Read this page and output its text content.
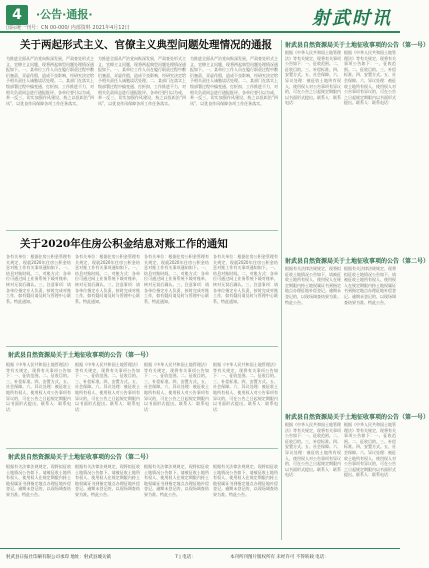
4	·公告·通报·
国际统一刊号：CN 00-000/ 内部资料 2021年4月12日	射武时讯
关于两起形式主义、官僚主义典型问题处理情况的通报
为推进全面从严治党向纵深发展，严肃查处形式主义、官僚主义问题，现将两起典型问题处理情况通报如下。一、某单位工作人员在履行职责过程中敷衍塞责、弄虚作假，造成不良影响，经研究决定给予相关责任人诫勉谈话处理。二、某部门在落实上级部署过程中搞变通、打折扣，工作推进不力，对相关负责同志进行通报批评。各单位要引以为戒，举一反三，切实加强作风建设，持之以恒纠治“四风”，以优良作风保障各项工作任务落实。
为推进全面从严治党向纵深发展，严肃查处形式主义、官僚主义问题，现将两起典型问题处理情况通报如下。一、某单位工作人员在履行职责过程中敷衍塞责、弄虚作假，造成不良影响，经研究决定给予相关责任人诫勉谈话处理。二、某部门在落实上级部署过程中搞变通、打折扣，工作推进不力，对相关负责同志进行通报批评。各单位要引以为戒，举一反三，切实加强作风建设，持之以恒纠治“四风”，以优良作风保障各项工作任务落实。
为推进全面从严治党向纵深发展，严肃查处形式主义、官僚主义问题，现将两起典型问题处理情况通报如下。一、某单位工作人员在履行职责过程中敷衍塞责、弄虚作假，造成不良影响，经研究决定给予相关责任人诫勉谈话处理。二、某部门在落实上级部署过程中搞变通、打折扣，工作推进不力，对相关负责同志进行通报批评。各单位要引以为戒，举一反三，切实加强作风建设，持之以恒纠治“四风”，以优良作风保障各项工作任务落实。
射武县自然资源局关于土地征收事项的公告（第一号）
根据《中华人民共和国土地管理法》等有关规定，现将有关事项公告如下：一、征收范围。二、征收目的。三、补偿标准。四、安置方式。五、社会保障。六、异议处理：被征收土地所有权人、使用权人对公告事项有异议的，可在公告之日起规定期限内以书面形式提出。联系人：联系电话：
根据《中华人民共和国土地管理法》等有关规定，现将有关事项公告如下：一、征收范围。二、征收目的。三、补偿标准。四、安置方式。五、社会保障。六、异议处理：被征收土地所有权人、使用权人对公告事项有异议的，可在公告之日起规定期限内以书面形式提出。联系人：联系电话：
射武县自然资源局关于土地征收事项的公告（第二号）
根据有关法律法规规定，现将拟征收土地情况公告如下，请被征收土地所有权人、使用权人在规定期限内持土地权属证书到指定地点办理征地补偿登记。逾期未登记的，以现场调查结果为准。特此公告。
根据有关法律法规规定，现将拟征收土地情况公告如下，请被征收土地所有权人、使用权人在规定期限内持土地权属证书到指定地点办理征地补偿登记。逾期未登记的，以现场调查结果为准。特此公告。
射武县自然资源局关于土地征收事项的公告（第一号）
根据《中华人民共和国土地管理法》等有关规定，现将有关事项公告如下：一、征收范围。二、征收目的。三、补偿标准。四、安置方式。五、社会保障。六、异议处理：被征收土地所有权人、使用权人对公告事项有异议的，可在公告之日起规定期限内以书面形式提出。联系人：联系电话：
根据《中华人民共和国土地管理法》等有关规定，现将有关事项公告如下：一、征收范围。二、征收目的。三、补偿标准。四、安置方式。五、社会保障。六、异议处理：被征收土地所有权人、使用权人对公告事项有异议的，可在公告之日起规定期限内以书面形式提出。联系人：联系电话：
关于2020年住房公积金结息对账工作的通知
各有关单位：根据住房公积金管理有关规定，现就2020年住房公积金结息对账工作有关事项通知如下。一、结息对账时间。二、对账方式：各单位可通过网上业务系统下载对账单，核对无误后确认。三、注意事项：请各单位指定专人负责，按时完成对账工作，如有疑问请及时与管理中心联系。特此通知。
各有关单位：根据住房公积金管理有关规定，现就2020年住房公积金结息对账工作有关事项通知如下。一、结息对账时间。二、对账方式：各单位可通过网上业务系统下载对账单，核对无误后确认。三、注意事项：请各单位指定专人负责，按时完成对账工作，如有疑问请及时与管理中心联系。特此通知。
各有关单位：根据住房公积金管理有关规定，现就2020年住房公积金结息对账工作有关事项通知如下。一、结息对账时间。二、对账方式：各单位可通过网上业务系统下载对账单，核对无误后确认。三、注意事项：请各单位指定专人负责，按时完成对账工作，如有疑问请及时与管理中心联系。特此通知。
各有关单位：根据住房公积金管理有关规定，现就2020年住房公积金结息对账工作有关事项通知如下。一、结息对账时间。二、对账方式：各单位可通过网上业务系统下载对账单，核对无误后确认。三、注意事项：请各单位指定专人负责，按时完成对账工作，如有疑问请及时与管理中心联系。特此通知。
射武县自然资源局关于土地征收事项的公告（第一号）
根据《中华人民共和国土地管理法》等有关规定，现将有关事项公告如下：一、征收范围。二、征收目的。三、补偿标准。四、安置方式。五、社会保障。六、异议处理：被征收土地所有权人、使用权人对公告事项有异议的，可在公告之日起规定期限内以书面形式提出。联系人：联系电话：
根据《中华人民共和国土地管理法》等有关规定，现将有关事项公告如下：一、征收范围。二、征收目的。三、补偿标准。四、安置方式。五、社会保障。六、异议处理：被征收土地所有权人、使用权人对公告事项有异议的，可在公告之日起规定期限内以书面形式提出。联系人：联系电话：
根据《中华人民共和国土地管理法》等有关规定，现将有关事项公告如下：一、征收范围。二、征收目的。三、补偿标准。四、安置方式。五、社会保障。六、异议处理：被征收土地所有权人、使用权人对公告事项有异议的，可在公告之日起规定期限内以书面形式提出。联系人：联系电话：
根据《中华人民共和国土地管理法》等有关规定，现将有关事项公告如下：一、征收范围。二、征收目的。三、补偿标准。四、安置方式。五、社会保障。六、异议处理：被征收土地所有权人、使用权人对公告事项有异议的，可在公告之日起规定期限内以书面形式提出。联系人：联系电话：
射武县自然资源局关于土地征收事项的公告（第二号）
根据有关法律法规规定，现将拟征收土地情况公告如下，请被征收土地所有权人、使用权人在规定期限内持土地权属证书到指定地点办理征地补偿登记。逾期未登记的，以现场调查结果为准。特此公告。
根据有关法律法规规定，现将拟征收土地情况公告如下，请被征收土地所有权人、使用权人在规定期限内持土地权属证书到指定地点办理征地补偿登记。逾期未登记的，以现场调查结果为准。特此公告。
根据有关法律法规规定，现将拟征收土地情况公告如下，请被征收土地所有权人、使用权人在规定期限内持土地权属证书到指定地点办理征地补偿登记。逾期未登记的，以现场调查结果为准。特此公告。
根据有关法律法规规定，现将拟征收土地情况公告如下，请被征收土地所有权人、使用权人在规定期限内持土地权属证书到指定地点办理征地补偿登记。逾期未登记的，以现场调查结果为准。特此公告。
射武县日报社印刷有限公司承印 地址：射武县城关镇	7 | 电话：	本刊所刊图片版权所有 未经许可 不得转载 电话：
